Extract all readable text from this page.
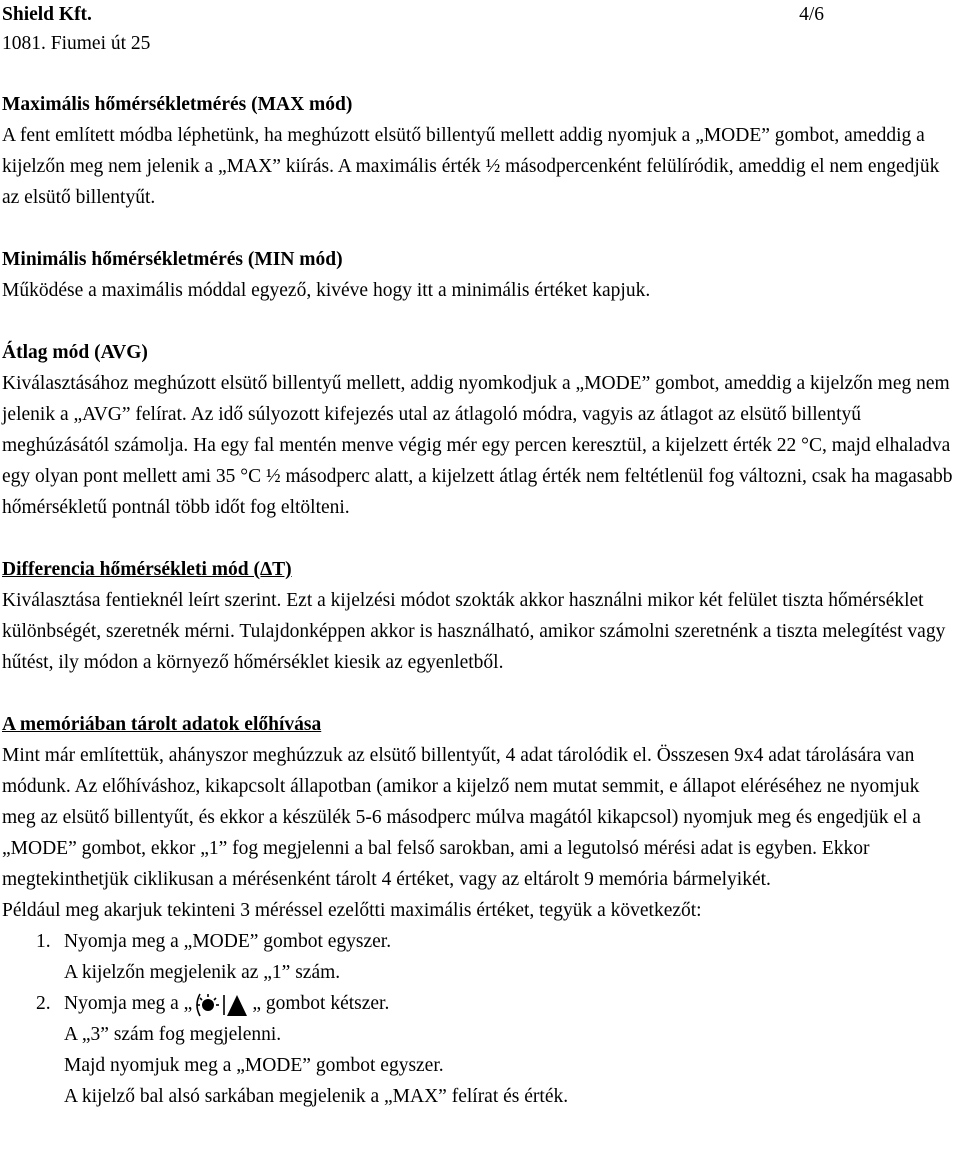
Shield Kft.
1081. Fiumei út 25
4/6
Maximális hőmérsékletmérés (MAX mód)

A fent említett módba léphetünk, ha meghúzott elsütő billentyű mellett addig nyomjuk a „MODE” gombot, ameddig a kijelzőn meg nem jelenik a „MAX” kiírás. A maximális érték ½ másodpercenként felülíródik, ameddig el nem engedjük az elsütő billentyűt.

Minimális hőmérsékletmérés (MIN mód)

Működése a maximális móddal egyező, kivéve hogy itt a minimális értéket kapjuk.

Átlag mód (AVG)

Kiválasztásához meghúzott elsütő billentyű mellett, addig nyomkodjuk a „MODE” gombot, ameddig a kijelzőn meg nem jelenik a „AVG” felírat. Az idő súlyozott kifejezés utal az átlagoló módra, vagyis az átlagot az elsütő billentyű meghúzásától számolja. Ha egy fal mentén menve végig mér egy percen keresztül, a kijelzett érték 22 °C, majd elhaladva egy olyan pont mellett ami 35 °C ½ másodperc alatt, a kijelzett átlag érték nem feltétlenül fog változni, csak ha magasabb hőmérsékletű pontnál több időt fog eltölteni.

Differencia hőmérsékleti mód (ΔT)

Kiválasztása fentieknél leírt szerint. Ezt a kijelzési módot szokták akkor használni mikor két felület tiszta hőmérséklet különbségét, szeretnék mérni. Tulajdonképpen akkor is használható, amikor számolni szeretnénk a tiszta melegítést vagy hűtést, ily módon a környező hőmérséklet kiesik az egyenletből.

A memóriában tárolt adatok előhívása

Mint már említettük, ahányszor meghúzzuk az elsütő billentyűt, 4 adat tárolódik el. Összesen 9x4 adat tárolására van módunk. Az előhíváshoz, kikapcsolt állapotban (amikor a kijelző nem mutat semmit, e állapot eléréséhez ne nyomjuk meg az elsütő billentyűt, és ekkor a készülék 5-6 másodperc múlva magától kikapcsol) nyomjuk meg és engedjük el a „MODE” gombot, ekkor „1” fog megjelenni a bal felső sarokban, ami a legutolsó mérési adat is egyben. Ekkor megtekinthetjük ciklikusan a mérésenként tárolt 4 értéket, vagy az eltárolt 9 memória bármelyikét.

Például meg akarjuk tekinteni 3 méréssel ezelőtti maximális értéket, tegyük a következőt:

1. Nyomja meg a „MODE” gombot egyszer.
A kijelzőn megjelenik az „1” szám.
2. Nyomja meg a „	„ gombot kétszer.
A „3” szám fog megjelenni.
Majd nyomjuk meg a „MODE” gombot egyszer.
A kijelző bal alsó sarkában megjelenik a „MAX” felírat és érték.
